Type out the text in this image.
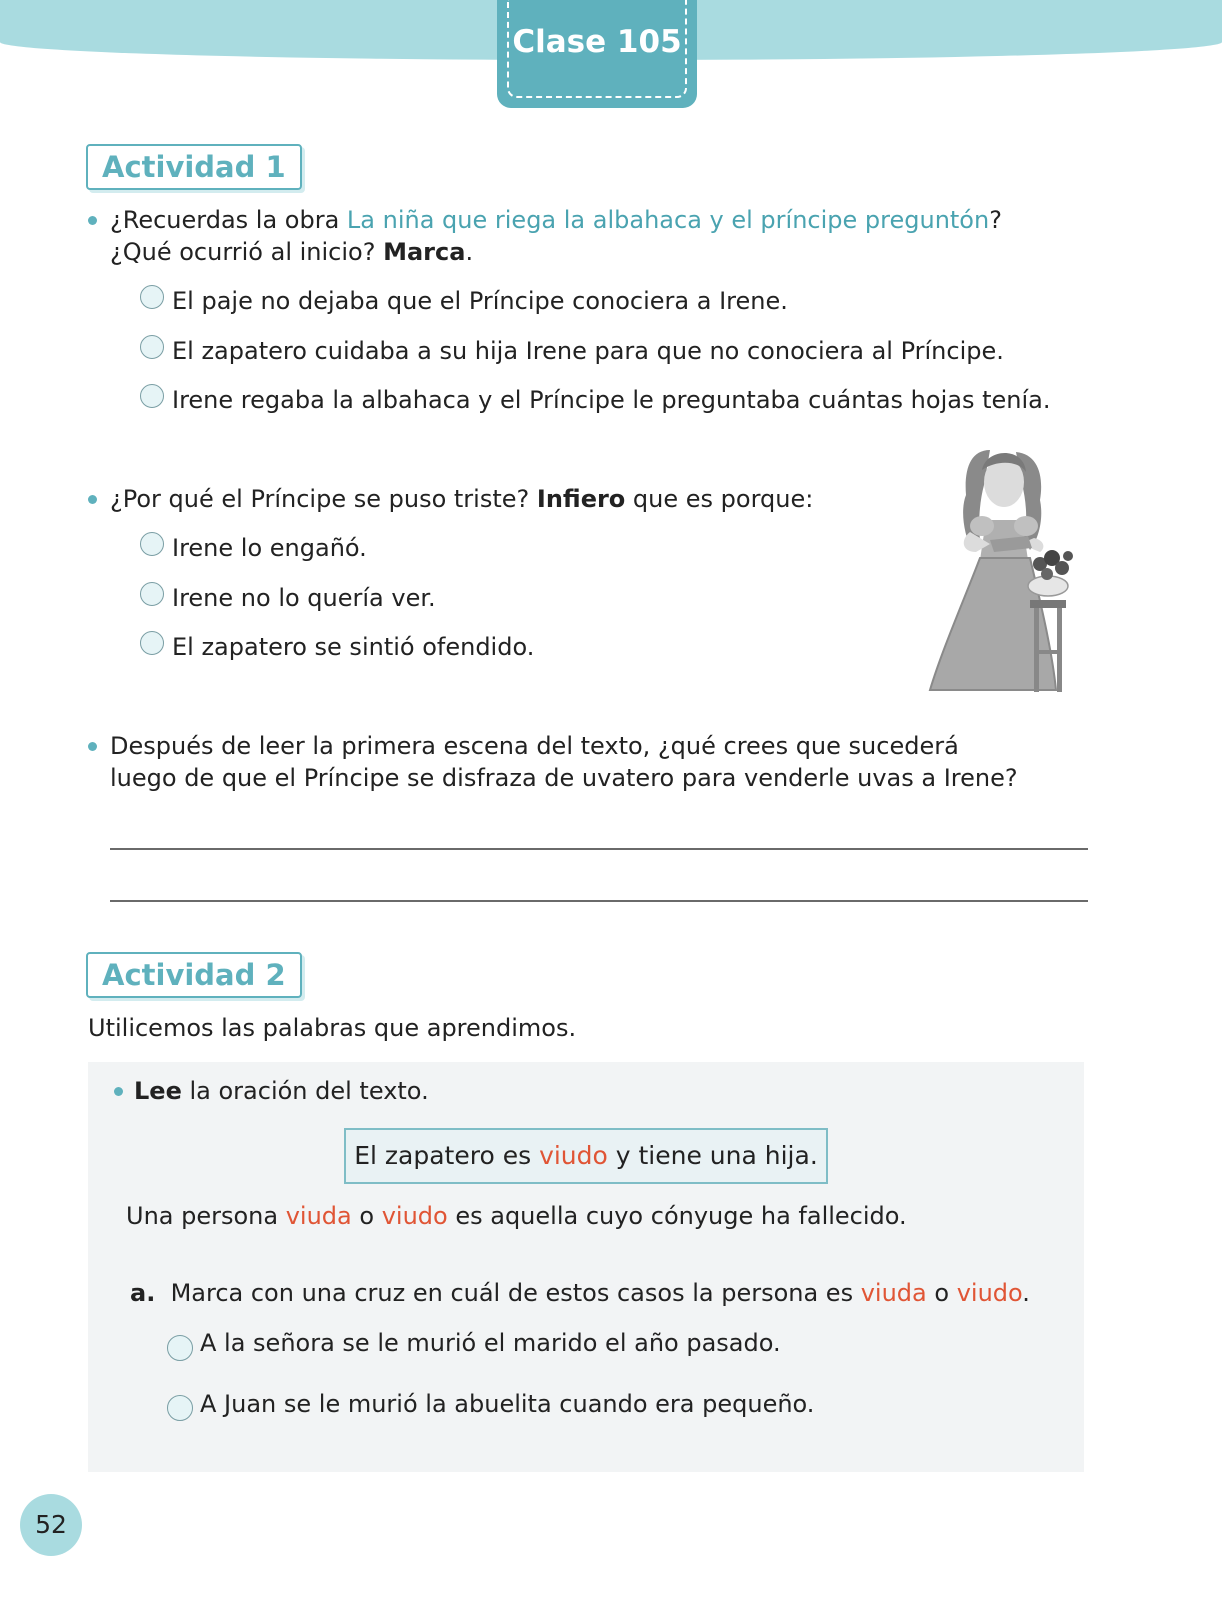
Clase 105
Actividad 1
¿Recuerdas la obra La niña que riega la albahaca y el príncipe preguntón?
¿Qué ocurrió al inicio? Marca.
El paje no dejaba que el Príncipe conociera a Irene.
El zapatero cuidaba a su hija Irene para que no conociera al Príncipe.
Irene regaba la albahaca y el Príncipe le preguntaba cuántas hojas tenía.
¿Por qué el Príncipe se puso triste? Infiero que es porque:
Irene lo engañó.
Irene no lo quería ver.
El zapatero se sintió ofendido.
Después de leer la primera escena del texto, ¿qué crees que sucederá
luego de que el Príncipe se disfraza de uvatero para venderle uvas a Irene?
Actividad 2
Utilicemos las palabras que aprendimos.
Lee la oración del texto.
El zapatero es viudo y tiene una hija.
Una persona viuda o viudo es aquella cuyo cónyuge ha fallecido.
a. Marca con una cruz en cuál de estos casos la persona es viuda o viudo.
A la señora se le murió el marido el año pasado.
A Juan se le murió la abuelita cuando era pequeño.
52
